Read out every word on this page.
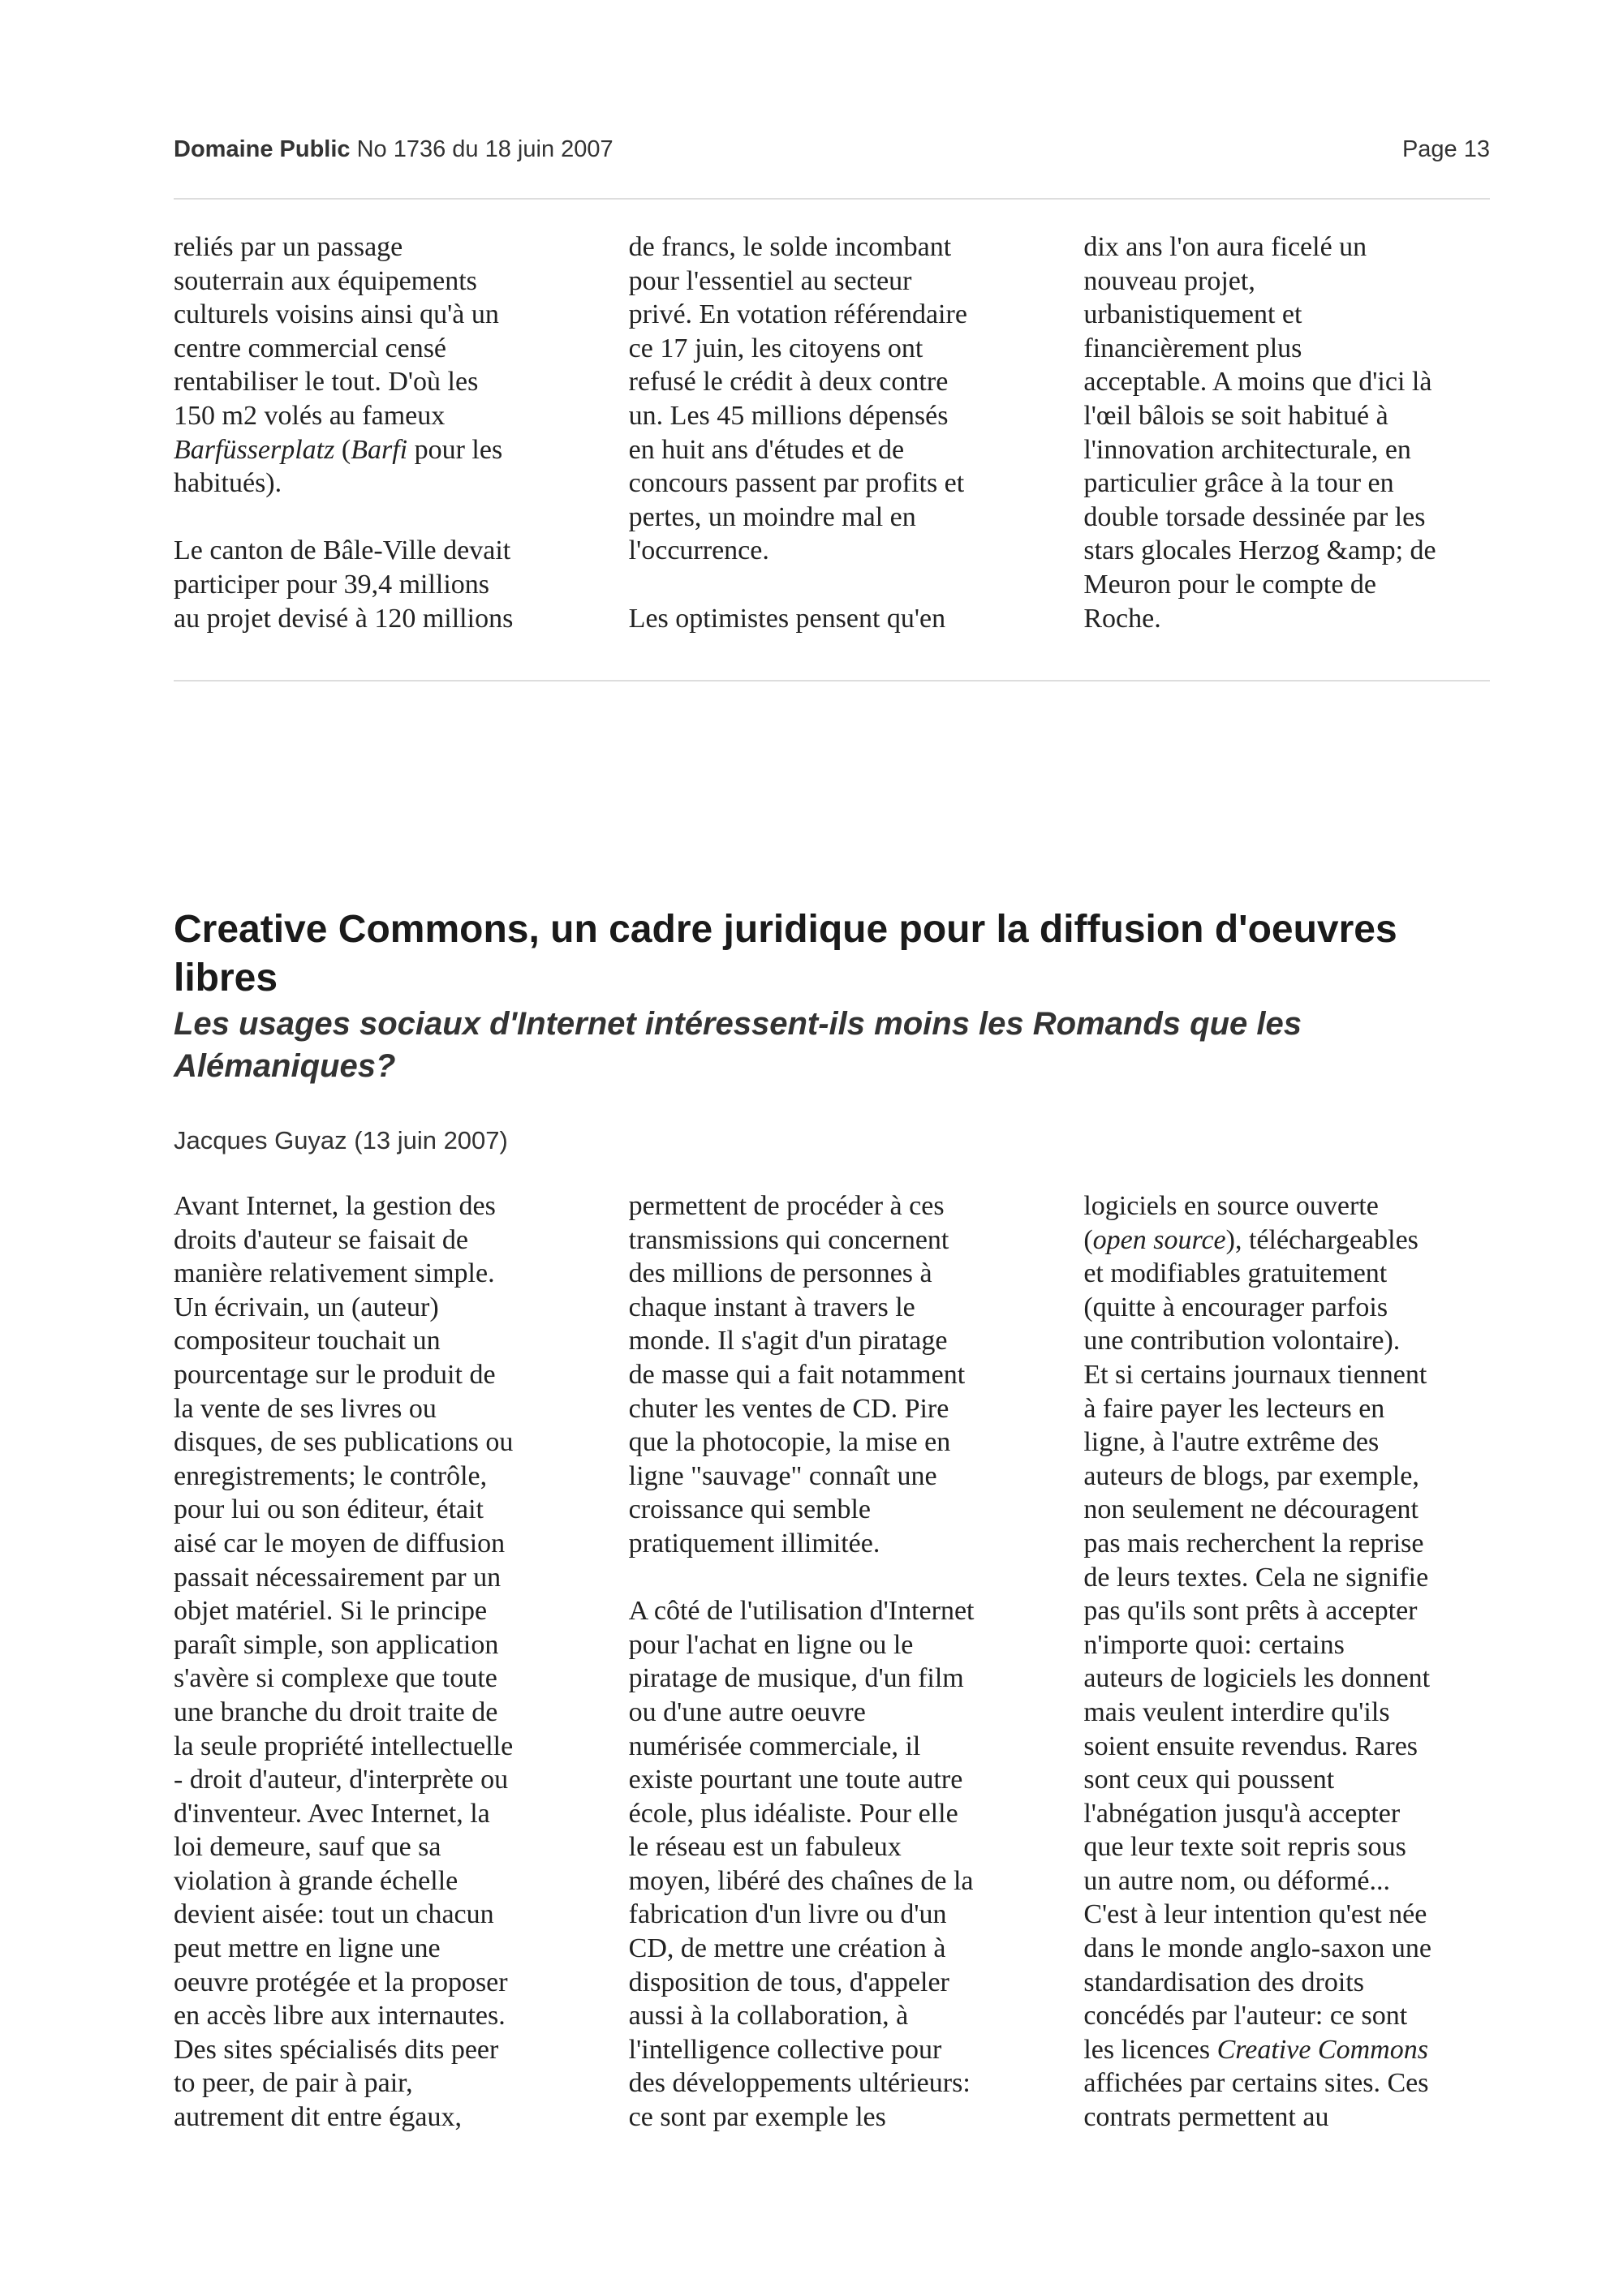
Domaine Public No 1736 du 18 juin 2007	Page 13

reliés par un passage
souterrain aux équipements
culturels voisins ainsi qu'à un
centre commercial censé
rentabiliser le tout. D'où les
150 m2 volés au fameux
Barfüsserplatz (Barfi pour les
habitués).

Le canton de Bâle-Ville devait
participer pour 39,4 millions
au projet devisé à 120 millions

de francs, le solde incombant
pour l'essentiel au secteur
privé. En votation référendaire
ce 17 juin, les citoyens ont
refusé le crédit à deux contre
un. Les 45 millions dépensés
en huit ans d'études et de
concours passent par profits et
pertes, un moindre mal en
l'occurrence.

Les optimistes pensent qu'en

dix ans l'on aura ficelé un
nouveau projet,
urbanistiquement et
financièrement plus
acceptable. A moins que d'ici là
l'œil bâlois se soit habitué à
l'innovation architecturale, en
particulier grâce à la tour en
double torsade dessinée par les
stars glocales Herzog &amp; de
Meuron pour le compte de
Roche.

Creative Commons, un cadre juridique pour la diffusion d'oeuvres libres
Les usages sociaux d'Internet intéressent-ils moins les Romands que les Alémaniques?

Jacques Guyaz (13 juin 2007)

Avant Internet, la gestion des
droits d'auteur se faisait de
manière relativement simple.
Un écrivain, un (auteur)
compositeur touchait un
pourcentage sur le produit de
la vente de ses livres ou
disques, de ses publications ou
enregistrements; le contrôle,
pour lui ou son éditeur, était
aisé car le moyen de diffusion
passait nécessairement par un
objet matériel. Si le principe
paraît simple, son application
s'avère si complexe que toute
une branche du droit traite de
la seule propriété intellectuelle
- droit d'auteur, d'interprète ou
d'inventeur. Avec Internet, la
loi demeure, sauf que sa
violation à grande échelle
devient aisée: tout un chacun
peut mettre en ligne une
oeuvre protégée et la proposer
en accès libre aux internautes.
Des sites spécialisés dits peer
to peer, de pair à pair,
autrement dit entre égaux,

permettent de procéder à ces
transmissions qui concernent
des millions de personnes à
chaque instant à travers le
monde. Il s'agit d'un piratage
de masse qui a fait notamment
chuter les ventes de CD. Pire
que la photocopie, la mise en
ligne "sauvage" connaît une
croissance qui semble
pratiquement illimitée.

A côté de l'utilisation d'Internet
pour l'achat en ligne ou le
piratage de musique, d'un film
ou d'une autre oeuvre
numérisée commerciale, il
existe pourtant une toute autre
école, plus idéaliste. Pour elle
le réseau est un fabuleux
moyen, libéré des chaînes de la
fabrication d'un livre ou d'un
CD, de mettre une création à
disposition de tous, d'appeler
aussi à la collaboration, à
l'intelligence collective pour
des développements ultérieurs:
ce sont par exemple les

logiciels en source ouverte
(open source), téléchargeables
et modifiables gratuitement
(quitte à encourager parfois
une contribution volontaire).
Et si certains journaux tiennent
à faire payer les lecteurs en
ligne, à l'autre extrême des
auteurs de blogs, par exemple,
non seulement ne découragent
pas mais recherchent la reprise
de leurs textes. Cela ne signifie
pas qu'ils sont prêts à accepter
n'importe quoi: certains
auteurs de logiciels les donnent
mais veulent interdire qu'ils
soient ensuite revendus. Rares
sont ceux qui poussent
l'abnégation jusqu'à accepter
que leur texte soit repris sous
un autre nom, ou déformé...
C'est à leur intention qu'est née
dans le monde anglo-saxon une
standardisation des droits
concédés par l'auteur: ce sont
les licences Creative Commons
affichées par certains sites. Ces
contrats permettent au
